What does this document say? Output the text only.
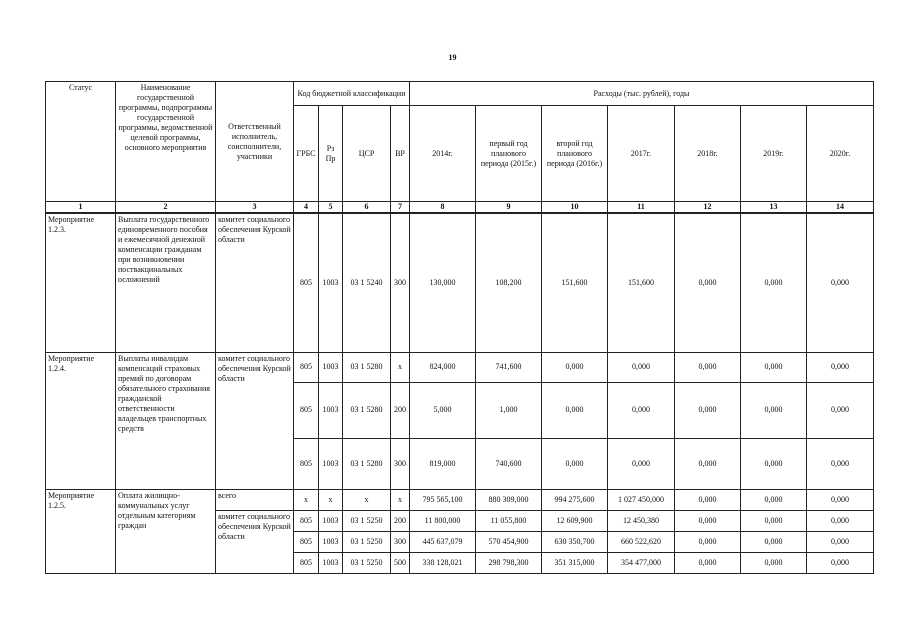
19
Статус	Наименование государственной программы, подпрограммы государственной программы, ведомственной целевой программы, основного мероприятия	Ответственный исполнитель, соисполнители, участники	Код бюджетной классификации				Расходы (тыс. рублей), годы						
			ГРБС	Рз Пр	ЦСР	ВР	2014г.	первый год планового периода (2015г.)	второй год планового периода (2016г.)	2017г.	2018г.	2019г.	2020г.
1	2	3	4	5	6	7	8	9	10	11	12	13	14
Мероприятие 1.2.3.	Выплата государственного единовременного пособия и ежемесячной денежной компенсации гражданам при возникновении поствакцинальных осложнений	комитет социального обеспечения Курской области	805	1003	03 1 5240	300	130,000	108,200	151,600	151,600	0,000	0,000	0,000
Мероприятие 1.2.4.	Выплаты инвалидам компенсаций страховых премий по договорам обязательного страхования гражданской ответственности владельцев транспортных средств	комитет социального обеспечения Курской области	805	1003	03 1 5280	х	824,000	741,600	0,000	0,000	0,000	0,000	0,000
			805	1003	03 1 5280	200	5,000	1,000	0,000	0,000	0,000	0,000	0,000
			805	1003	03 1 5280	300	819,000	740,600	0,000	0,000	0,000	0,000	0,000
Мероприятие 1.2.5.	Оплата жилищно-коммунальных услуг отдельным категориям граждан	всего	х	х	х	х	795 565,100	880 309,000	994 275,600	1 027 450,000	0,000	0,000	0,000
		комитет социального обеспечения Курской области	805	1003	03 1 5250	200	11 800,000	11 055,800	12 609,900	12 450,380	0,000	0,000	0,000
			805	1003	03 1 5250	300	445 637,079	570 454,900	630 350,700	660 522,620	0,000	0,000	0,000
			805	1003	03 1 5250	500	338 128,021	298 798,300	351 315,000	354 477,000	0,000	0,000	0,000
